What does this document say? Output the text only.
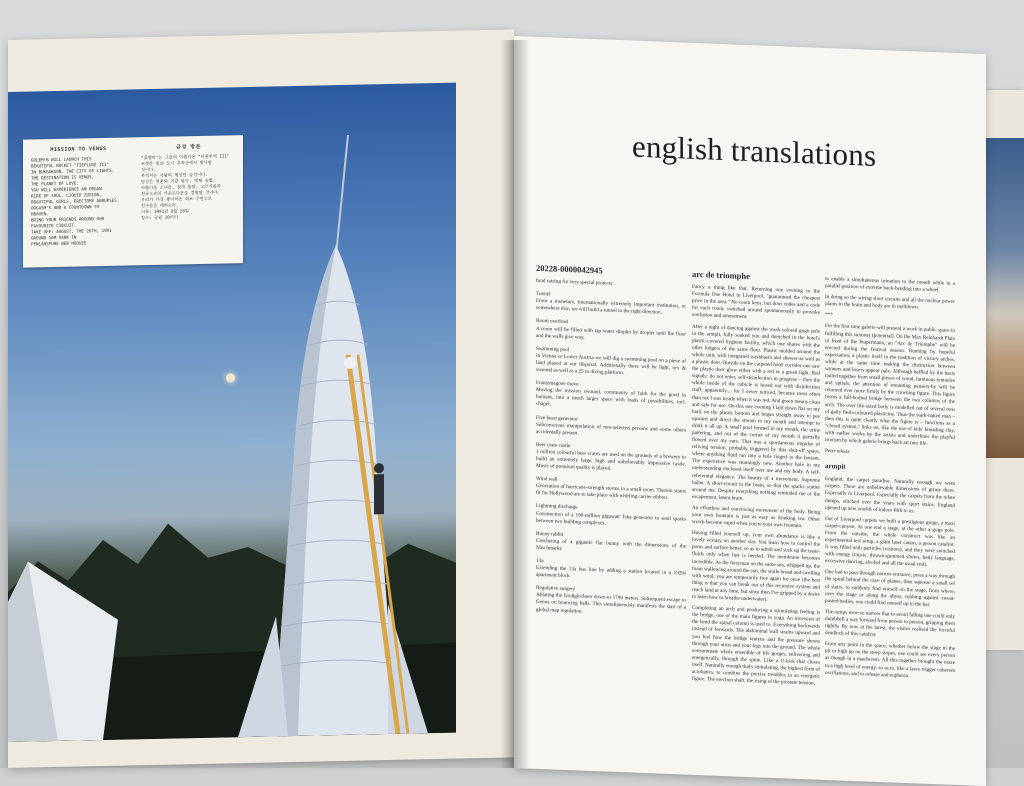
MISSION TO VENUS
GOLEM!B WILL LAUNCH THIS
BEAUTIFUL ROCKET "TIEFLUGE III"
IN BUKGAKSON, THE CITY OF LIGHTS,
THE DESTINATION IS VENUS,
THE PLANET OF LOVE.
YOU WILL EXPERIENCE AN ORGAN
RIDE OF SOUL, LIQUID ZUSION,
BEAUTIFUL GIRLS, ERECTOMY ABRUPSES,
ORGASM'S AND A COUNTDOWN TO
HEAVEN.
BRING YOUR FRIENDS AROUND OUR
FAVOURITE CIRCUIT.
TAKE OFF: AUGUST, THE 28TH, 1991
GROUND 10M PARK IN
PFNLARSPUHE NEW HOOUIE
금성 방문
"콜렘비"는 그들의 아름다운 "티플루게 III"
로켓을 빛의 도시 부칵손에서 발사할
것이다.
목적지는 사랑의 행성인 금성이다.
당신은 영혼의 기관 탑승, 액체 융합,
아름다운 소녀들, 절개 돌발, 오르가즘과
천국으로의 카운트다운을 경험할 것이다.
우리가 가장 좋아하는 회로 주변으로
친구들을 데려오라.
이륙: 1991년 8월 28일
장소: 공원 10미터
english translations
20228-0000042945
fund raising for very special projects:
Tunnel
From a monetary, internationally extremely important institution, or somewhere else, we will build a tunnel in the right direction.
Room overload
A room will be filled with tap water droplet by droplet until the floor and the walls give way.
Swimming pool
In Vienna or Lower Austria we will dig a swimming pool on a piece of land placed at our disposal. Additionally there will be light, sex & swound as well as a 25 m diving platform.
Frantzmagone move
Moving the mission swound, community of faith for the good in humans, into a much larger space with loads of possibilities, incl. chapel.
Five heart generator
Subconscious manipulation of non-selected persons and some others accidentally present.
Beer crate castle
1 million colourful beer crates are used on the grounds of a brewery to build an extremely large, high and unbelievably impressive castle. Music of premium quality is played.
Wind wall
Generation of hurricane-strength storms in a small room. Therein stunts fit for Hollywood are to take place with whirling carrier ribbon.
Lightning discharge
Construction of a 100-million gigawatt Tsha generator to send sparks between two building complexes.
Bunny rabbit
Crocheting of a gigantic flat bunny with the dimensions of the Naschmarkt.
13a
Extending the 13a bus line by adding a station located in a 1920s apartment block.
Regulative surgery
Ablating the Großglockner down to 1790 meters. Subsequent escape to Genoa on bouncing balls. This simultaneously manifests the start of a global map regulation.
arc de triomphe
Fancy a thing like that. Returning one evening to the Formula One Hotel in Liverpool, "guaranteed the cheapest price in the area." No room keys, but door codes and a code for each room, switched around spontaneously to provoke confusion and amusement.
After a night of dancing against the wash-colored gogo pole in the armpit, fully soaked you and drenched in the hotel's plastic-covered hygiene facility, which one shares with the other lodgers of the same floor. Plastic molded around the whole unit, with integrated washbasin and shower as well as a plastic door. Outside on the carpeted hotel corridor one saw the plastic door glow either with a red or a green light. Red signals: do not enter, self-disinfection in progress – then the whole inside of the cubicle is hosed out with disinfection stuff, apparently.... for I never noticed, because most often than not I was inside when it was red. And green means clean and safe for use. On this one evening I laid down flat on my back on the plastic bottom and began straight away to pee upward and direct the stream to my mouth and attempt to drink it all up. A small pool formed in my mouth, the urine pattering, and out of the corner of my mouth it partially flowed over my ears. That was a spontaneous impulse of reliving tension, probably triggered by this shut-off space, where anything fluid ran into a hole tinged in the bottom. The experience was stunningly new. Another hole in my understanding enclosed itself over me and my body. A self-referential elegance. The beauty of a movement. Supreme ballet. A short-circuit in the brain, so that the sparks scatter around me. Despite everything nothing reminded me of the escapement, latent brain.
An effortless and convincing movement of the body. Being your own fountain is just as easy as drinking tea. Other words become vapid when you're your own fountain.
Having filled yourself up, your own abundance is like a lovely ecstasy on another star. You learn how to control the pores and surface better, so as to admit and suck up the trans-fluids only when lust is needed. The membrane becomes incredible. As the ferryman on the same sea, whipped up, the foam wallowing around the sun, the smile broad and swelling with wind, you are temporarily free again for once (the best thing is that you can break out of this recursive system and reach land at any time, but since then I've gripped by a desire to learn how to breathe underwater).
Completing an arch and producing a stimulating feeling is the bridge, one of the main figures in yoga. An inversion of the bend the spinal column is used to. Everything backwards instead of forwards. The abdominal wall strains upward and you feel how the bridge tautens and the pressure shoots through your arms and your legs into the ground. The whole consummate whole ensemble of life gorges, enlivening and energetically, through the spine. Like a U-lock that closes itself. Naturally enough that's stimulating, the highest form of acrobatics, to combine the precise trembles in an energetic figure. The erection shaft, the rising of the prostate tension,
to enable a simultaneous urination to the mouth while in a parallel position of extreme back-bending into a wheel.
In doing so the wiring short circuits and all the nuclear power plants in the brain and body are in meltdown.
***
For the first time galerie will present a work in public space in fulfilling this summer (potential). On the Max Reinhardt Platz in front of the Kupermann, an "Arc de Triomphe" will be erected during the festival season. Running by hopeful expectation, a plastic itself in the tradition of victory arches, while at the same time making the distinction between winners and losers appear pale. Although baffled by the basis nailed together from small pieces of wood, luminous tentacles and spirals, the attention of mounting pausers-by will be returned ever more firmly by the crowning figure. This figure forms a full-bodied bridge between the two columns of the arch. The over life-sized body is modelled out of several tons of gaily flesh-coloured plasticine. Thus the stark-naked man – then this is quite clearly what the figure is – functions as a "closed system," links on, like the use of kids' kneading clay, with earlier works by the artists and underlines the playful ironism by which galerie brings back art into life.
Peter teksas
armpit
England, the carpet paradise. Naturally enough we went carpets. There are unbelievable dimensions of grime there. Especially in Liverpool. Especially the carpets from the relate dumps, stitched over the years with spurt stains. England opened up new worlds of indoor filth to us.
Out of Liverpool carpets we built a prestigious gorge, a maxi carpet-canyon. At one end a stage, at the other a gogo pole. From the outside, the whole construct was like an experimental test setup, a giant laser canon, a person catalyst. It was filled with particles (visitors), and they were switched with energy (music, thrown-gummed shows, body language, excessive dancing, alcohol and all the usual rest).
One had to pass through narrow entrance, press a way through the spiral behind the cave of planes, then squeeze a small set of stairs, to suddenly find oneself on the stage, from where, over the stage or along the abyss, rubbing against sweat-pasted bodies, one could find oneself up to the bar.
The ramps were so narrow that to avoid falling one could only dumbbell a way forward from person to person, gripping them tightly. By now at the latest, the visitor realised the forceful deadlock of this catalyst.
From any point in the space, whether below the stage in the pit or high up on the steep slopes, one could see every person as though in a maelstrom. All this together brought the maze to a high level of energy, so as to, like a laser, trigger coherent oscillations, and to release and euphoria.
